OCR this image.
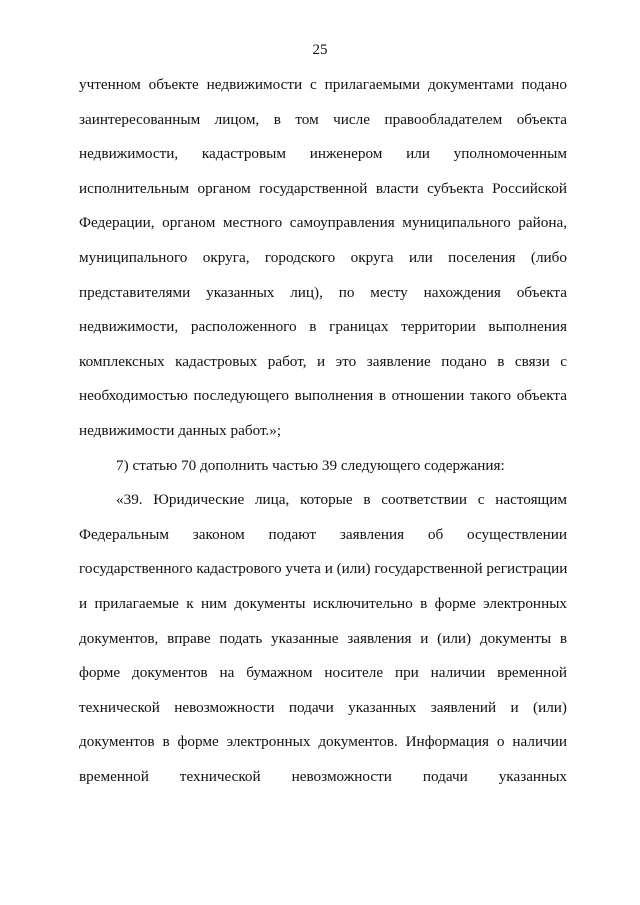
25
учтенном объекте недвижимости с прилагаемыми документами подано
заинтересованным лицом, в том числе правообладателем объекта
недвижимости, кадастровым инженером или уполномоченным
исполнительным органом государственной власти субъекта Российской
Федерации, органом местного самоуправления муниципального района,
муниципального округа, городского округа или поселения (либо
представителями указанных лиц), по месту нахождения объекта
недвижимости, расположенного в границах территории выполнения
комплексных кадастровых работ, и это заявление подано в связи с
необходимостью последующего выполнения в отношении такого объекта
недвижимости данных работ.»;
7) статью 70 дополнить частью 39 следующего содержания:
«39. Юридические лица, которые в соответствии с настоящим
Федеральным законом подают заявления об осуществлении
государственного кадастрового учета и (или) государственной регистрации
и прилагаемые к ним документы исключительно в форме электронных
документов, вправе подать указанные заявления и (или) документы в
форме документов на бумажном носителе при наличии временной
технической невозможности подачи указанных заявлений и (или)
документов в форме электронных документов. Информация о наличии
временной технической невозможности подачи указанных
